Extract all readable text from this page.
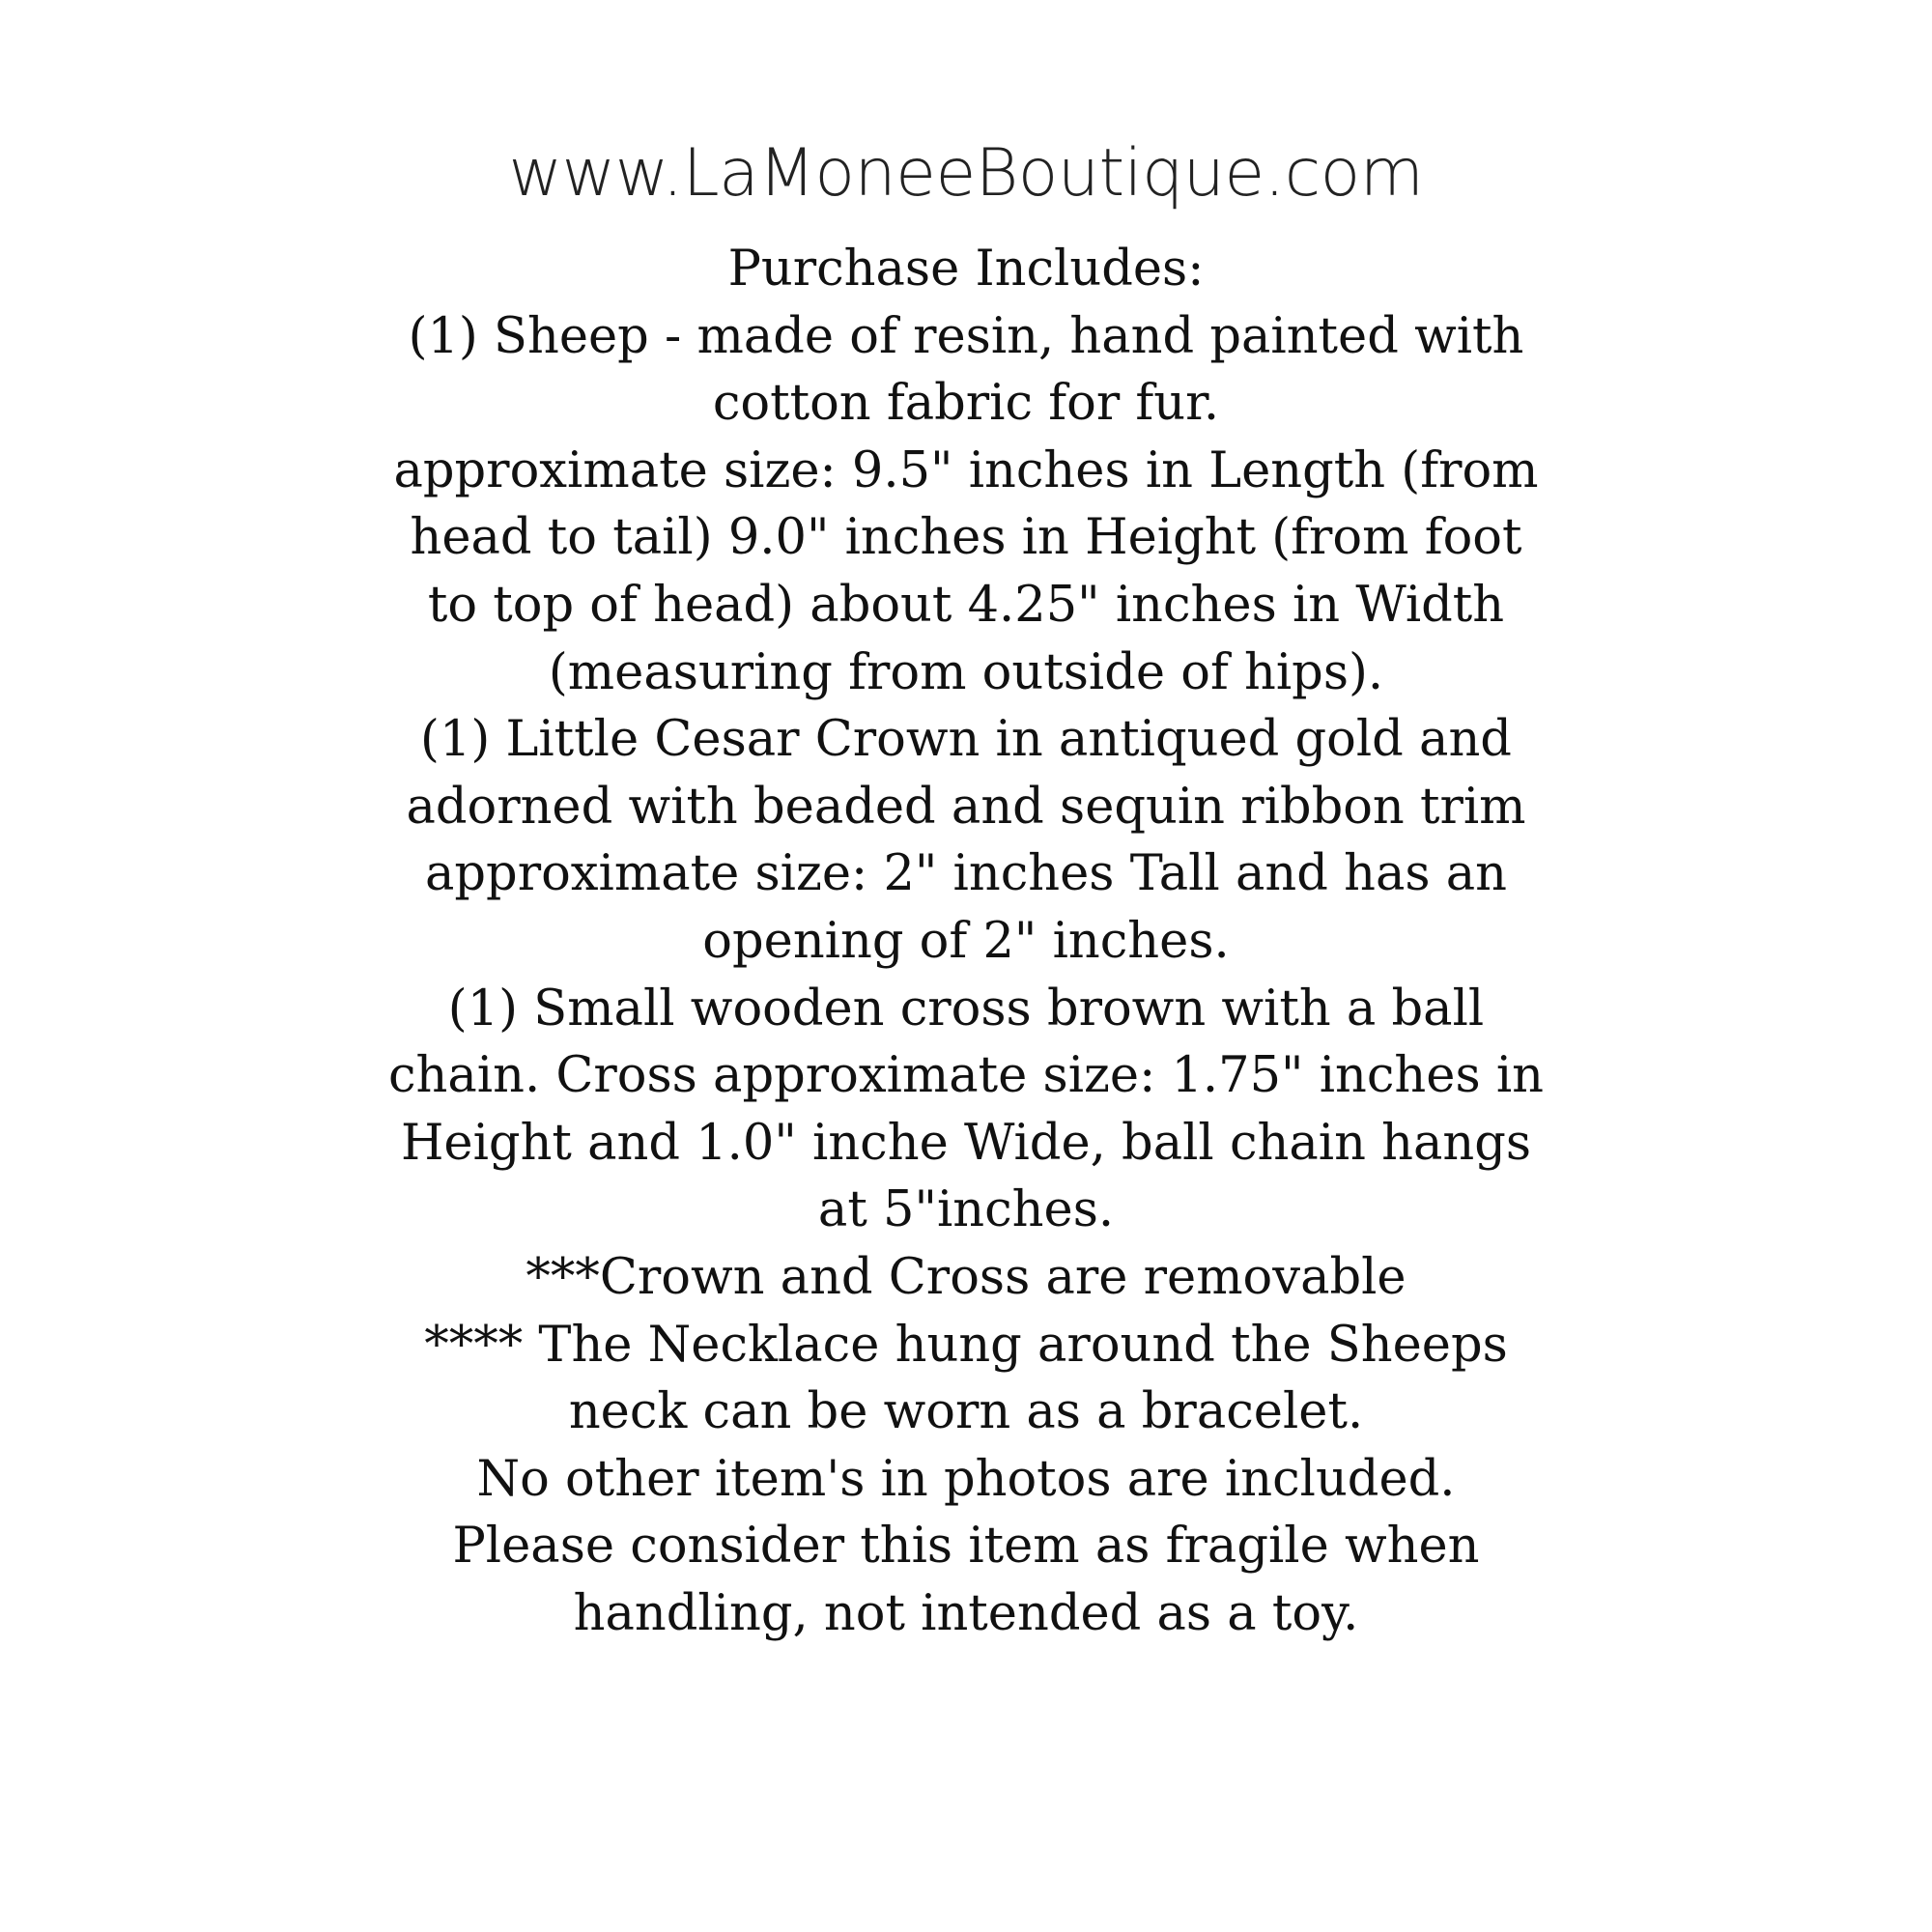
www.LaMoneeBoutique.com
Purchase Includes:
(1) Sheep - made of resin, hand painted with
cotton fabric for fur.
approximate size: 9.5" inches in Length (from
head to tail) 9.0" inches in Height (from foot
to top of head) about 4.25" inches in Width
(measuring from outside of hips).
(1) Little Cesar Crown in antiqued gold and
adorned with beaded and sequin ribbon trim
approximate size: 2" inches Tall and has an
opening of 2" inches.
(1) Small wooden cross brown with a ball
chain. Cross approximate size: 1.75" inches in
Height and 1.0" inche Wide, ball chain hangs
at 5"inches.
***Crown and Cross are removable
**** The Necklace hung around the Sheeps
neck can be worn as a bracelet.
No other item's in photos are included.
Please consider this item as fragile when
handling, not intended as a toy.
